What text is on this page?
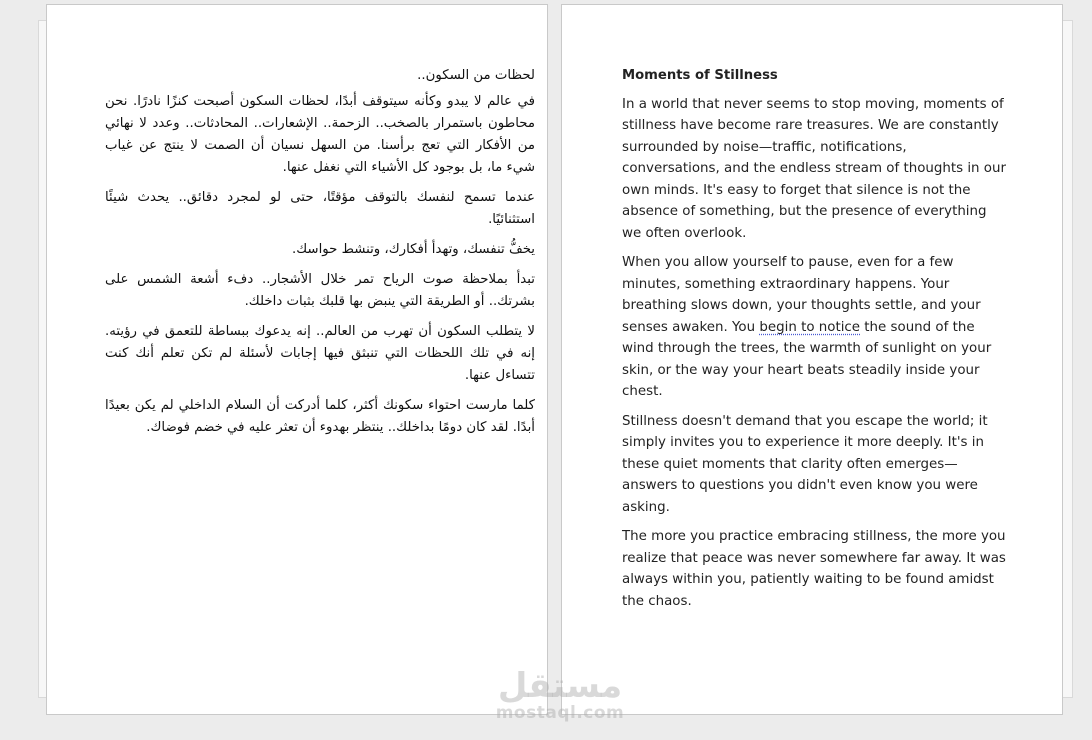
لحظات من السكون..

في عالم لا يبدو وكأنه سيتوقف أبدًا، لحظات السكون أصبحت كنزًا نادرًا. نحن محاطون باستمرار بالصخب.. الزحمة.. الإشعارات.. المحادثات.. وعدد لا نهائي من الأفكار التي تعج برأسنا. من السهل نسيان أن الصمت لا ينتج عن غياب شيء ما، بل بوجود كل الأشياء التي نغفل عنها.

عندما تسمح لنفسك بالتوقف مؤقتًا، حتى لو لمجرد دقائق.. يحدث شيئًا استثنائيًا.

يخفُّ تنفسك، وتهدأ أفكارك، وتنشط حواسك.

تبدأ بملاحظة صوت الرياح تمر خلال الأشجار.. دفء أشعة الشمس على بشرتك.. أو الطريقة التي ينبض بها قلبك بثبات داخلك.

لا يتطلب السكون أن تهرب من العالم.. إنه يدعوك ببساطة للتعمق في رؤيته. إنه في تلك اللحظات التي تنبثق فيها إجابات لأسئلة لم تكن تعلم أنك كنت تتساءل عنها.

كلما مارست احتواء سكونك أكثر، كلما أدركت أن السلام الداخلي لم يكن بعيدًا أبدًا. لقد كان دومًا بداخلك.. ينتظر بهدوء أن تعثر عليه في خضم فوضاك.

Moments of Stillness

In a world that never seems to stop moving, moments of stillness have become rare treasures. We are constantly surrounded by noise—traffic, notifications, conversations, and the endless stream of thoughts in our own minds. It's easy to forget that silence is not the absence of something, but the presence of everything we often overlook.

When you allow yourself to pause, even for a few minutes, something extraordinary happens. Your breathing slows down, your thoughts settle, and your senses awaken. You begin to notice the sound of the wind through the trees, the warmth of sunlight on your skin, or the way your heart beats steadily inside your chest.

Stillness doesn't demand that you escape the world; it simply invites you to experience it more deeply. It's in these quiet moments that clarity often emerges—answers to questions you didn't even know you were asking.

The more you practice embracing stillness, the more you realize that peace was never somewhere far away. It was always within you, patiently waiting to be found amidst the chaos.

مستقل
mostaql.com
